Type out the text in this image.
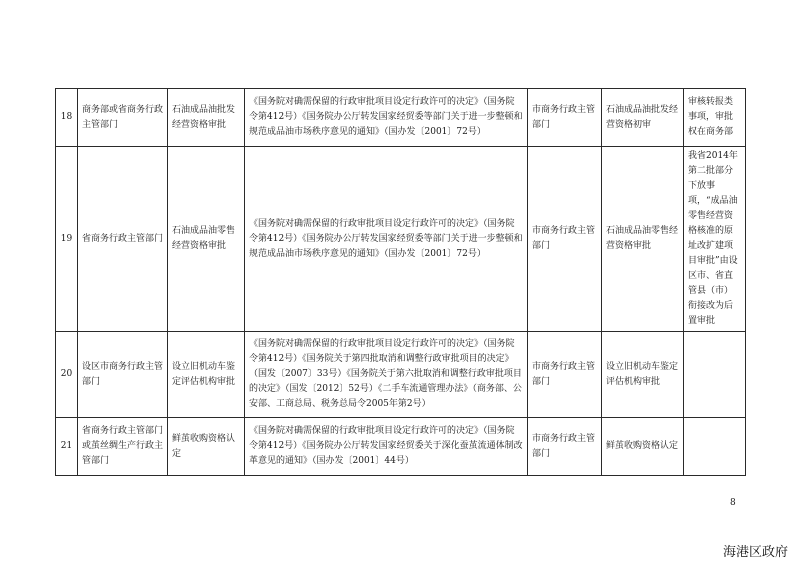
18	商务部或省商务行政主管部门	石油成品油批发经营资格审批	《国务院对确需保留的行政审批项目设定行政许可的决定》（国务院令第412号）《国务院办公厅转发国家经贸委等部门关于进一步整顿和规范成品油市场秩序意见的通知》（国办发〔2001〕72号）	市商务行政主管部门	石油成品油批发经营资格初审	审核转报类事项，审批权在商务部
19	省商务行政主管部门	石油成品油零售经营资格审批	《国务院对确需保留的行政审批项目设定行政许可的决定》（国务院令第412号）《国务院办公厅转发国家经贸委等部门关于进一步整顿和规范成品油市场秩序意见的通知》（国办发〔2001〕72号）	市商务行政主管部门	石油成品油零售经营资格审批	我省2014年第二批部分下放事项，“成品油零售经营资格核准的原址改扩建项目审批”由设区市、省直管县（市）衔接改为后置审批
20	设区市商务行政主管部门	设立旧机动车鉴定评估机构审批	《国务院对确需保留的行政审批项目设定行政许可的决定》（国务院令第412号）《国务院关于第四批取消和调整行政审批项目的决定》（国发〔2007〕33号）《国务院关于第六批取消和调整行政审批项目的决定》（国发〔2012〕52号）《二手车流通管理办法》（商务部、公安部、工商总局、税务总局令2005年第2号）	市商务行政主管部门	设立旧机动车鉴定评估机构审批	
21	省商务行政主管部门或茧丝绸生产行政主管部门	鲜茧收购资格认定	《国务院对确需保留的行政审批项目设定行政许可的决定》（国务院令第412号）《国务院办公厅转发国家经贸委关于深化蚕茧流通体制改革意见的通知》（国办发〔2001〕44号）	市商务行政主管部门	鲜茧收购资格认定	
8
海港区政府
